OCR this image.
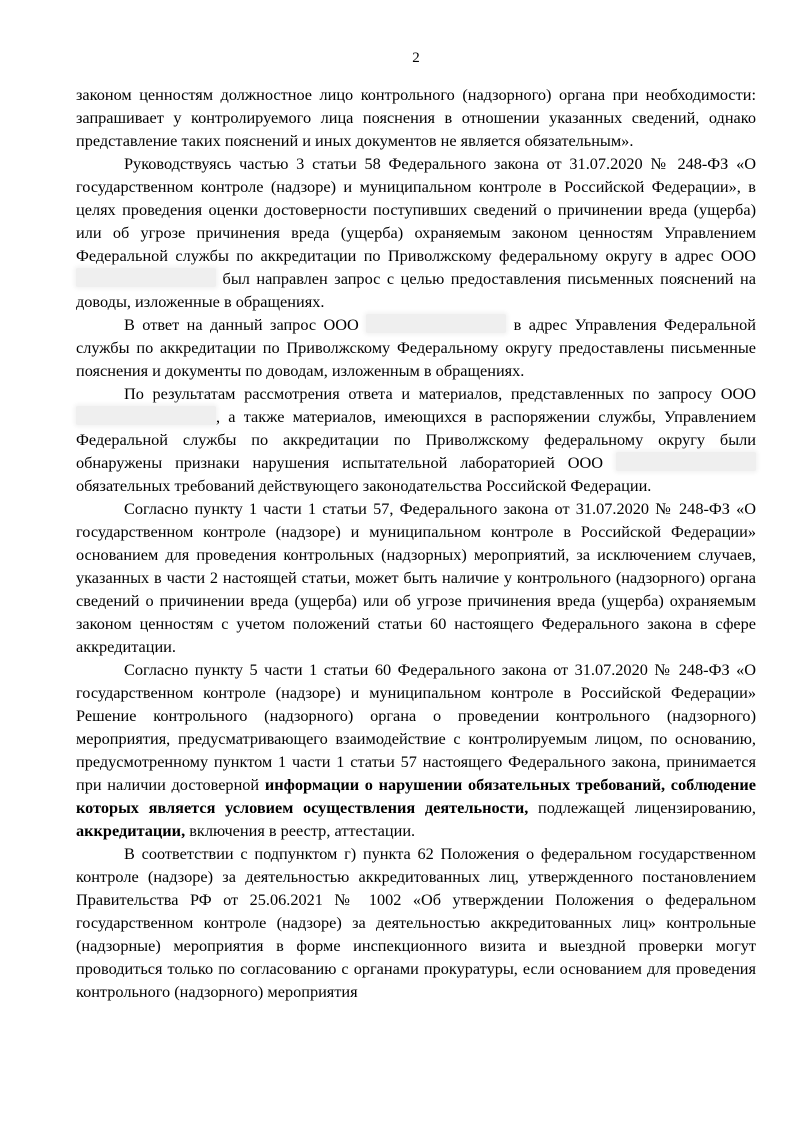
2

законом ценностям должностное лицо контрольного (надзорного) органа при необходимости: запрашивает у контролируемого лица пояснения в отношении указанных сведений, однако представление таких пояснений и иных документов не является обязательным».

Руководствуясь частью 3 статьи 58 Федерального закона от 31.07.2020 № 248-ФЗ «О государственном контроле (надзоре) и муниципальном контроле в Российской Федерации», в целях проведения оценки достоверности поступивших сведений о причинении вреда (ущерба) или об угрозе причинения вреда (ущерба) охраняемым законом ценностям Управлением Федеральной службы по аккредитации по Приволжскому федеральному округу в адрес ООО  был направлен запрос с целью предоставления письменных пояснений на доводы, изложенные в обращениях.

В ответ на данный запрос ООО	в адрес Управления Федеральной службы по аккредитации по Приволжскому Федеральному округу предоставлены письменные пояснения и документы по доводам, изложенным в обращениях.

По результатам рассмотрения ответа и материалов, представленных по запросу ООО , а также материалов, имеющихся в распоряжении службы, Управлением Федеральной службы по аккредитации по Приволжскому федеральному округу были обнаружены признаки нарушения испытательной лабораторией ООО  обязательных требований действующего законодательства Российской Федерации.

Согласно пункту 1 части 1 статьи 57, Федерального закона от 31.07.2020 № 248-ФЗ «О государственном контроле (надзоре) и муниципальном контроле в Российской Федерации» основанием для проведения контрольных (надзорных) мероприятий, за исключением случаев, указанных в части 2 настоящей статьи, может быть наличие у контрольного (надзорного) органа сведений о причинении вреда (ущерба) или об угрозе причинения вреда (ущерба) охраняемым законом ценностям с учетом положений статьи 60 настоящего Федерального закона в сфере аккредитации.

Согласно пункту 5 части 1 статьи 60 Федерального закона от 31.07.2020 № 248-ФЗ «О государственном контроле (надзоре) и муниципальном контроле в Российской Федерации» Решение контрольного (надзорного) органа о проведении контрольного (надзорного) мероприятия, предусматривающего взаимодействие с контролируемым лицом, по основанию, предусмотренному пунктом 1 части 1 статьи 57 настоящего Федерального закона, принимается при наличии достоверной информации о нарушении обязательных требований, соблюдение которых является условием осуществления деятельности, подлежащей лицензированию, аккредитации, включения в реестр, аттестации.

В соответствии с подпунктом г) пункта 62 Положения о федеральном государственном контроле (надзоре) за деятельностью аккредитованных лиц, утвержденного постановлением Правительства РФ от 25.06.2021 № 1002 «Об утверждении Положения о федеральном государственном контроле (надзоре) за деятельностью аккредитованных лиц» контрольные (надзорные) мероприятия в форме инспекционного визита и выездной проверки могут проводиться только по согласованию с органами прокуратуры, если основанием для проведения контрольного (надзорного) мероприятия
